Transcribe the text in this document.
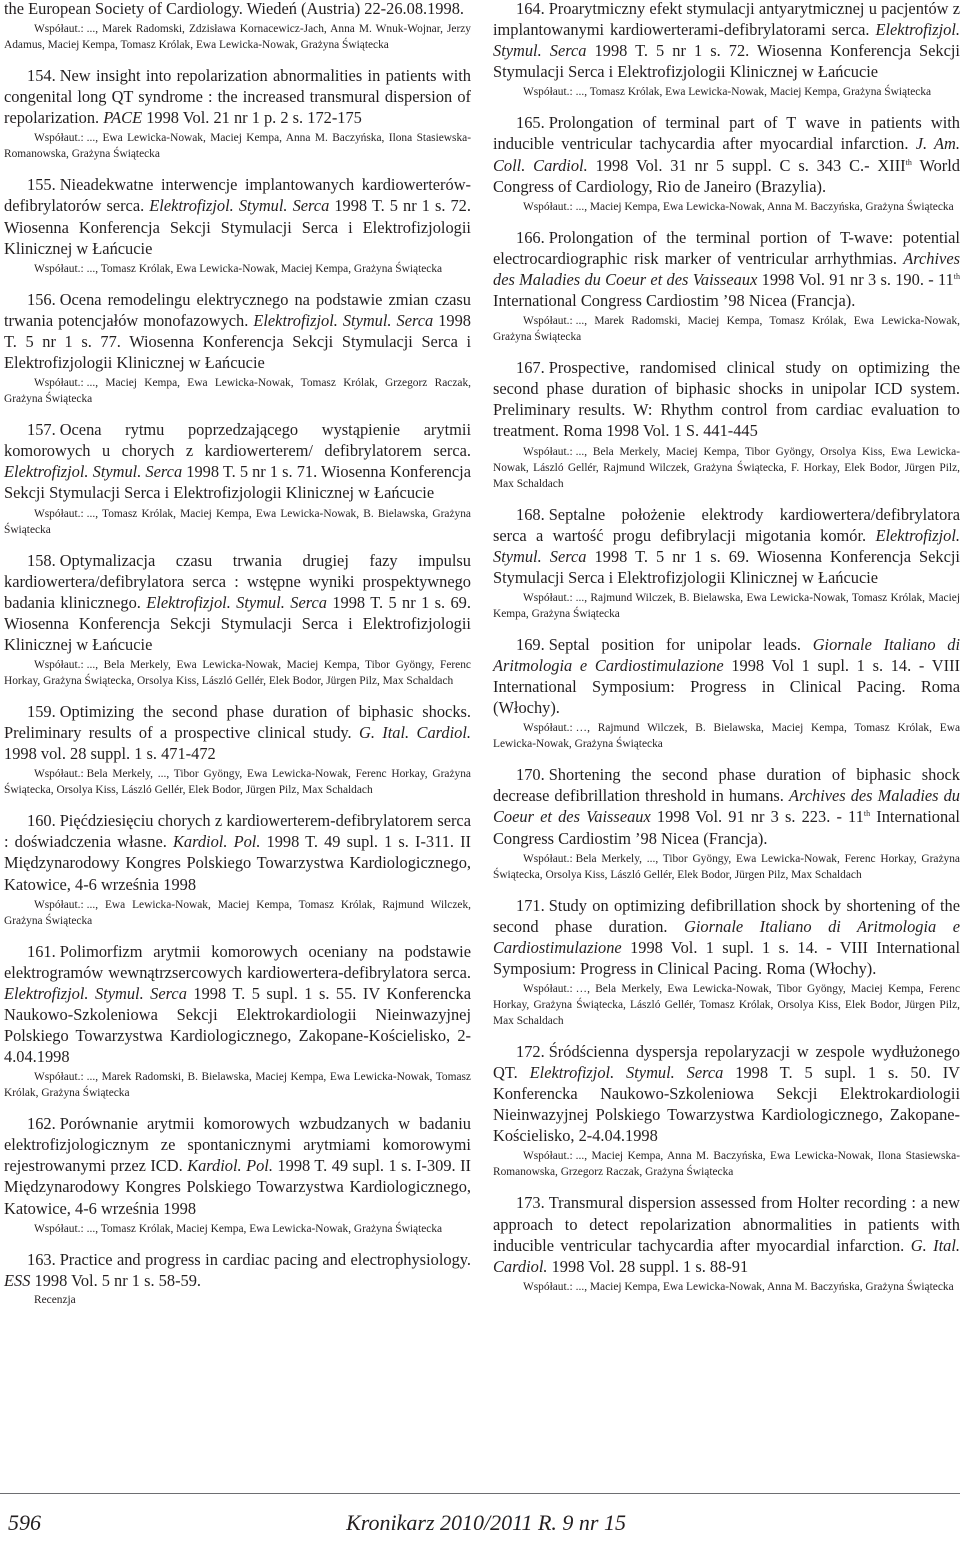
the European Society of Cardiology. Wiedeń (Austria) 22-26.08.1998.

Współaut.: ..., Marek Radomski, Zdzisława Kornacewicz-Jach, Anna M. Wnuk-Wojnar, Jerzy Adamus, Maciej Kempa, Tomasz Królak, Ewa Lewicka-Nowak, Grażyna Świątecka

154. New insight into repolarization abnormalities in patients with congenital long QT syndrome : the increased transmural dispersion of repolarization. PACE 1998 Vol. 21 nr 1 p. 2 s. 172-175

Współaut.: ..., Ewa Lewicka-Nowak, Maciej Kempa, Anna M. Baczyńska, Ilona Stasiewska-Romanowska, Grażyna Świątecka

155. Nieadekwatne interwencje implantowanych kardiowerterów-defibrylatorów serca. Elektrofizjol. Stymul. Serca 1998 T. 5 nr 1 s. 72. Wiosenna Konferencja Sekcji Stymulacji Serca i Elektrofizjologii Klinicznej w Łańcucie

Współaut.: ..., Tomasz Królak, Ewa Lewicka-Nowak, Maciej Kempa, Grażyna Świątecka

156. Ocena remodelingu elektrycznego na podstawie zmian czasu trwania potencjałów monofazowych. Elektrofizjol. Stymul. Serca 1998 T. 5 nr 1 s. 77. Wiosenna Konferencja Sekcji Stymulacji Serca i Elektrofizjologii Klinicznej w Łańcucie

Współaut.: ..., Maciej Kempa, Ewa Lewicka-Nowak, Tomasz Królak, Grzegorz Raczak, Grażyna Świątecka

157. Ocena rytmu poprzedzającego wystąpienie arytmii komorowych u chorych z kardiowerterem/ defibrylatorem serca. Elektrofizjol. Stymul. Serca 1998 T. 5 nr 1 s. 71. Wiosenna Konferencja Sekcji Stymulacji Serca i Elektrofizjologii Klinicznej w Łańcucie

Współaut.: ..., Tomasz Królak, Maciej Kempa, Ewa Lewicka-Nowak, B. Bielawska, Grażyna Świątecka

158. Optymalizacja czasu trwania drugiej fazy impulsu kardiowertera/defibrylatora serca : wstępne wyniki prospektywnego badania klinicznego. Elektrofizjol. Stymul. Serca 1998 T. 5 nr 1 s. 69. Wiosenna Konferencja Sekcji Stymulacji Serca i Elektrofizjologii Klinicznej w Łańcucie

Współaut.: ..., Bela Merkely, Ewa Lewicka-Nowak, Maciej Kempa, Tibor Gyöngy, Ferenc Horkay, Grażyna Świątecka, Orsolya Kiss, László Gellér, Elek Bodor, Jürgen Pilz, Max Schaldach

159. Optimizing the second phase duration of biphasic shocks. Preliminary results of a prospective clinical study. G. Ital. Cardiol. 1998 vol. 28 suppl. 1 s. 471-472

Współaut.: Bela Merkely, ..., Tibor Gyöngy, Ewa Lewicka-Nowak, Ferenc Horkay, Grażyna Świątecka, Orsolya Kiss, László Gellér, Elek Bodor, Jürgen Pilz, Max Schaldach

160. Pięćdziesięciu chorych z kardiowerterem-defibrylatorem serca : doświadczenia własne. Kardiol. Pol. 1998 T. 49 supl. 1 s. I-311. II Międzynarodowy Kongres Polskiego Towarzystwa Kardiologicznego, Katowice, 4-6 września 1998

Współaut.: ..., Ewa Lewicka-Nowak, Maciej Kempa, Tomasz Królak, Rajmund Wilczek, Grażyna Świątecka

161. Polimorfizm arytmii komorowych oceniany na podstawie elektrogramów wewnątrzsercowych kardiowertera-defibrylatora serca. Elektrofizjol. Stymul. Serca 1998 T. 5 supl. 1 s. 55. IV Konferencka Naukowo-Szkoleniowa Sekcji Elektrokardiologii Nieinwazyjnej Polskiego Towarzystwa Kardiologicznego, Zakopane-Kościelisko, 2-4.04.1998

Współaut.: ..., Marek Radomski, B. Bielawska, Maciej Kempa, Ewa Lewicka-Nowak, Tomasz Królak, Grażyna Świątecka

162. Porównanie arytmii komorowych wzbudzanych w badaniu elektrofizjologicznym ze spontanicznymi arytmiami komorowymi rejestrowanymi przez ICD. Kardiol. Pol. 1998 T. 49 supl. 1 s. I-309. II Międzynarodowy Kongres Polskiego Towarzystwa Kardiologicznego, Katowice, 4-6 września 1998

Współaut.: ..., Tomasz Królak, Maciej Kempa, Ewa Lewicka-Nowak, Grażyna Świątecka

163. Practice and progress in cardiac pacing and electrophysiology. ESS 1998 Vol. 5 nr 1 s. 58-59.

Recenzja

164. Proarytmiczny efekt stymulacji antyarytmicznej u pacjentów z implantowanymi kardiowerterami-defibrylatorami serca. Elektrofizjol. Stymul. Serca 1998 T. 5 nr 1 s. 72. Wiosenna Konferencja Sekcji Stymulacji Serca i Elektrofizjologii Klinicznej w Łańcucie

Współaut.: ..., Tomasz Królak, Ewa Lewicka-Nowak, Maciej Kempa, Grażyna Świątecka

165. Prolongation of terminal part of T wave in patients with inducible ventricular tachycardia after myocardial infarction. J. Am. Coll. Cardiol. 1998 Vol. 31 nr 5 suppl. C s. 343 C.- XIIIth World Congress of Cardiology, Rio de Janeiro (Brazylia).

Współaut.: ..., Maciej Kempa, Ewa Lewicka-Nowak, Anna M. Baczyńska, Grażyna Świątecka

166. Prolongation of the terminal portion of T-wave: potential electrocardiographic risk marker of ventricular arrhythmias. Archives des Maladies du Coeur et des Vaisseaux 1998 Vol. 91 nr 3 s. 190. - 11th International Congress Cardiostim ’98 Nicea (Francja).

Współaut.: ..., Marek Radomski, Maciej Kempa, Tomasz Królak, Ewa Lewicka-Nowak, Grażyna Świątecka

167. Prospective, randomised clinical study on optimizing the second phase duration of biphasic shocks in unipolar ICD system. Preliminary results. W: Rhythm control from cardiac evaluation to treatment. Roma 1998 Vol. 1 S. 441-445

Współaut.: ..., Bela Merkely, Maciej Kempa, Tibor Gyöngy, Orsolya Kiss, Ewa Lewicka-Nowak, László Gellér, Rajmund Wilczek, Grażyna Świątecka, F. Horkay, Elek Bodor, Jürgen Pilz, Max Schaldach

168. Septalne położenie elektrody kardiowertera/defibrylatora serca a wartość progu defibrylacji migotania komór. Elektrofizjol. Stymul. Serca 1998 T. 5 nr 1 s. 69. Wiosenna Konferencja Sekcji Stymulacji Serca i Elektrofizjologii Klinicznej w Łańcucie

Współaut.: ..., Rajmund Wilczek, B. Bielawska, Ewa Lewicka-Nowak, Tomasz Królak, Maciej Kempa, Grażyna Świątecka

169. Septal position for unipolar leads. Giornale Italiano di Aritmologia e Cardiostimulazione 1998 Vol 1 supl. 1 s. 14. - VIII International Symposium: Progress in Clinical Pacing. Roma (Włochy).

Współaut.: …, Rajmund Wilczek, B. Bielawska, Maciej Kempa, Tomasz Królak, Ewa Lewicka-Nowak, Grażyna Świątecka

170. Shortening the second phase duration of biphasic shock decrease defibrillation threshold in humans. Archives des Maladies du Coeur et des Vaisseaux 1998 Vol. 91 nr 3 s. 223. - 11th International Congress Cardiostim ’98 Nicea (Francja).

Współaut.: Bela Merkely, ..., Tibor Gyöngy, Ewa Lewicka-Nowak, Ferenc Horkay, Grażyna Świątecka, Orsolya Kiss, László Gellér, Elek Bodor, Jürgen Pilz, Max Schaldach

171. Study on optimizing defibrillation shock by shortening of the second phase duration. Giornale Italiano di Aritmologia e Cardiostimulazione 1998 Vol. 1 supl. 1 s. 14. - VIII International Symposium: Progress in Clinical Pacing. Roma (Włochy).

Współaut.: …, Bela Merkely, Ewa Lewicka-Nowak, Tibor Gyöngy, Maciej Kempa, Ferenc Horkay, Grażyna Świątecka, László Gellér, Tomasz Królak, Orsolya Kiss, Elek Bodor, Jürgen Pilz, Max Schaldach

172. Śródścienna dyspersja repolaryzacji w zespole wydłużonego QT. Elektrofizjol. Stymul. Serca 1998 T. 5 supl. 1 s. 50. IV Konferencka Naukowo-Szkoleniowa Sekcji Elektrokardiologii Nieinwazyjnej Polskiego Towarzystwa Kardiologicznego, Zakopane-Kościelisko, 2-4.04.1998

Współaut.: ..., Maciej Kempa, Anna M. Baczyńska, Ewa Lewicka-Nowak, Ilona Stasiewska-Romanowska, Grzegorz Raczak, Grażyna Świątecka

173. Transmural dispersion assessed from Holter recording : a new approach to detect repolarization abnormalities in patients with inducible ventricular tachycardia after myocardial infarction. G. Ital. Cardiol. 1998 Vol. 28 suppl. 1 s. 88-91

Współaut.: ..., Maciej Kempa, Ewa Lewicka-Nowak, Anna M. Baczyńska, Grażyna Świątecka

596	Kronikarz 2010/2011 R. 9 nr 15
